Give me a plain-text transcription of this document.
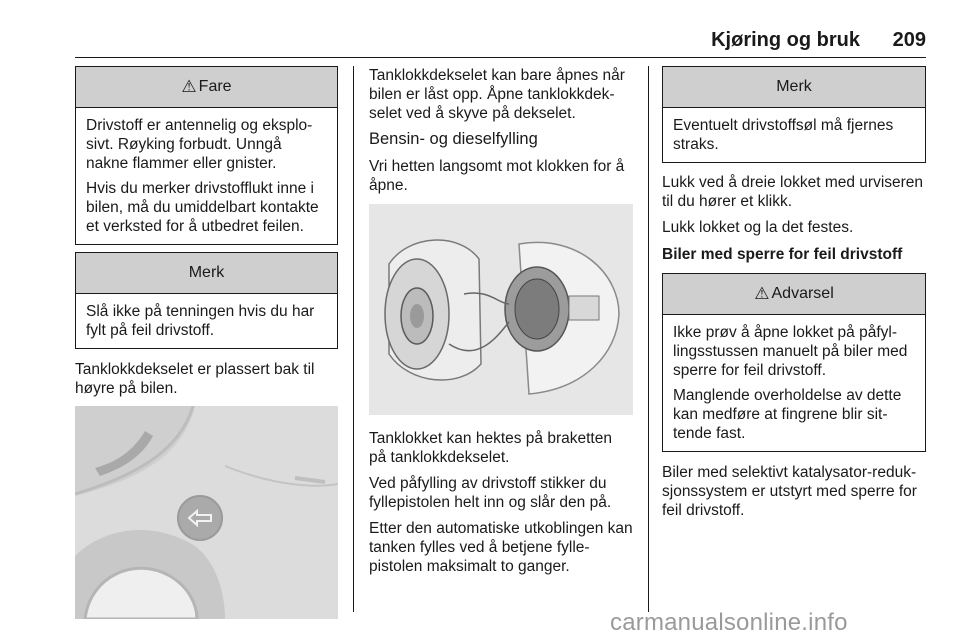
Kjøring og bruk 209
⚠ Fare

Drivstoff er antennelig og eksplosivt. Røyking forbudt. Unngå nakne flammer eller gnister.

Hvis du merker drivstofflukt inne i bilen, må du umiddelbart kontakte et verksted for å utbedret feilen.

Merk

Slå ikke på tenningen hvis du har fylt på feil drivstoff.

Tanklokkdekselet er plassert bak til høyre på bilen.

Tanklokkdekselet kan bare åpnes når bilen er låst opp. Åpne tanklokkdekselet ved å skyve på dekselet.

Bensin- og dieselfylling

Vri hetten langsomt mot klokken for å åpne.

Tanklokket kan hektes på braketten på tanklokkdekselet.

Ved påfylling av drivstoff stikker du fyllepistolen helt inn og slår den på.

Etter den automatiske utkoblingen kan tanken fylles ved å betjene fyllepistolen maksimalt to ganger.

Merk

Eventuelt drivstoffsøl må fjernes straks.

Lukk ved å dreie lokket med urviseren til du hører et klikk.

Lukk lokket og la det festes.

Biler med sperre for feil drivstoff

⚠ Advarsel

Ikke prøv å åpne lokket på påfyllingsstussen manuelt på biler med sperre for feil drivstoff.

Manglende overholdelse av dette kan medføre at fingrene blir sittende fast.

Biler med selektivt katalysator-reduksjonssystem er utstyrt med sperre for feil drivstoff.

carmanualsonline.info
